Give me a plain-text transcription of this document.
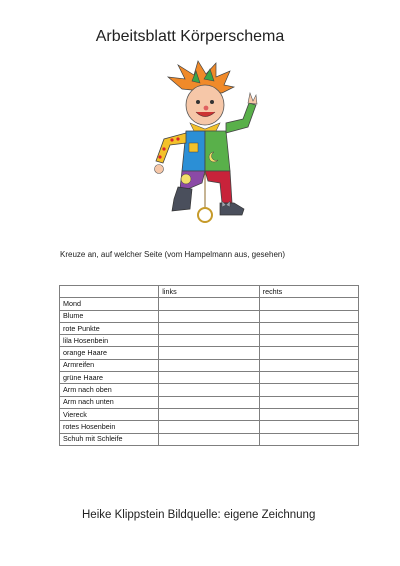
Arbeitsblatt Körperschema
Kreuze an, auf welcher Seite (vom Hampelmann aus, gesehen)
	links	rechts
Mond		
Blume		
rote Punkte		
lila Hosenbein		
orange Haare		
Armreifen		
grüne Haare		
Arm nach oben		
Arm nach unten		
Viereck		
rotes Hosenbein		
Schuh mit Schleife		
Heike Klippstein Bildquelle: eigene Zeichnung
